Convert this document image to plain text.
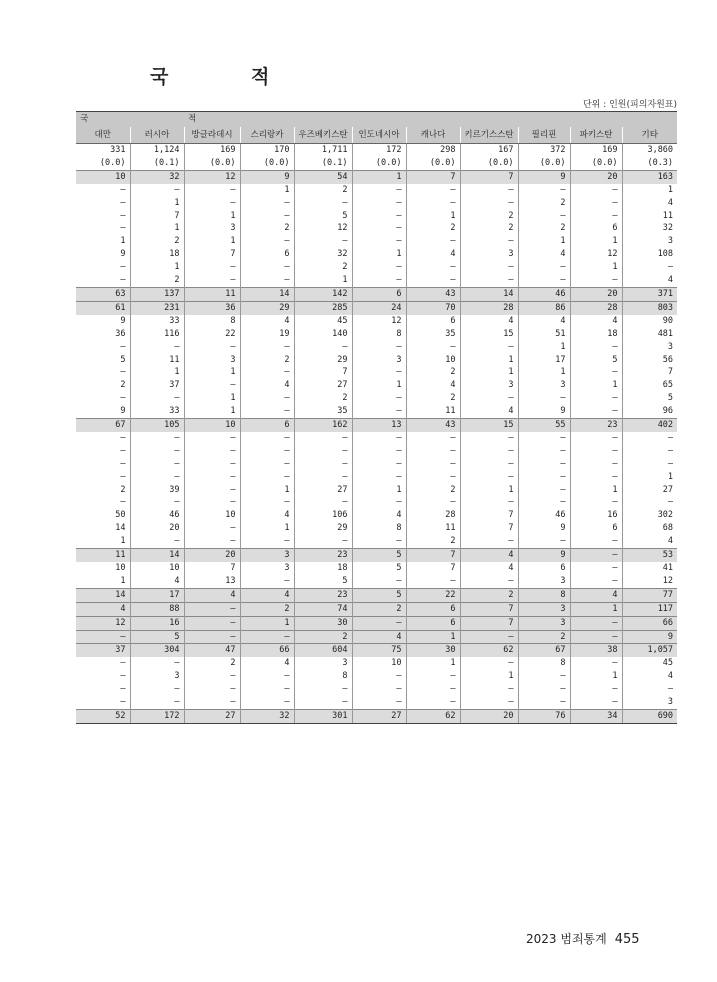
국 적
단위 : 인원(피의자원표)
국		적								
대만	러시아	방글라데시	스리랑카	우즈베키스탄	인도네시아	캐나다	키르기스스탄	필리핀	파키스탄	기타
331	1,124	169	170	1,711	172	298	167	372	169	3,860
(0.0)	(0.1)	(0.0)	(0.0)	(0.1)	(0.0)	(0.0)	(0.0)	(0.0)	(0.0)	(0.3)
10	32	12	9	54	1	7	7	9	20	163
–	–	–	1	2	–	–	–	–	–	1
–	1	–	–	–	–	–	–	2	–	4
–	7	1	–	5	–	1	2	–	–	11
–	1	3	2	12	–	2	2	2	6	32
1	2	1	–	–	–	–	–	1	1	3
9	18	7	6	32	1	4	3	4	12	108
–	1	–	–	2	–	–	–	–	1	–
–	2	–	–	1	–	–	–	–	–	4
63	137	11	14	142	6	43	14	46	20	371
61	231	36	29	285	24	70	28	86	28	803
9	33	8	4	45	12	6	4	4	4	90
36	116	22	19	140	8	35	15	51	18	481
–	–	–	–	–	–	–	–	1	–	3
5	11	3	2	29	3	10	1	17	5	56
–	1	1	–	7	–	2	1	1	–	7
2	37	–	4	27	1	4	3	3	1	65
–	–	1	–	2	–	2	–	–	–	5
9	33	1	–	35	–	11	4	9	–	96
67	105	10	6	162	13	43	15	55	23	402
–	–	–	–	–	–	–	–	–	–	–
–	–	–	–	–	–	–	–	–	–	–
–	–	–	–	–	–	–	–	–	–	–
–	–	–	–	–	–	–	–	–	–	1
2	39	–	1	27	1	2	1	–	1	27
–	–	–	–	–	–	–	–	–	–	–
50	46	10	4	106	4	28	7	46	16	302
14	20	–	1	29	8	11	7	9	6	68
1	–	–	–	–	–	2	–	–	–	4
11	14	20	3	23	5	7	4	9	–	53
10	10	7	3	18	5	7	4	6	–	41
1	4	13	–	5	–	–	–	3	–	12
14	17	4	4	23	5	22	2	8	4	77
4	88	–	2	74	2	6	7	3	1	117
12	16	–	1	30	–	6	7	3	–	66
–	5	–	–	2	4	1	–	2	–	9
37	304	47	66	604	75	30	62	67	38	1,057
–	–	2	4	3	10	1	–	8	–	45
–	3	–	–	8	–	–	1	–	1	4
–	–	–	–	–	–	–	–	–	–	–
–	–	–	–	–	–	–	–	–	–	3
52	172	27	32	301	27	62	20	76	34	690
2023 범죄통계 455
